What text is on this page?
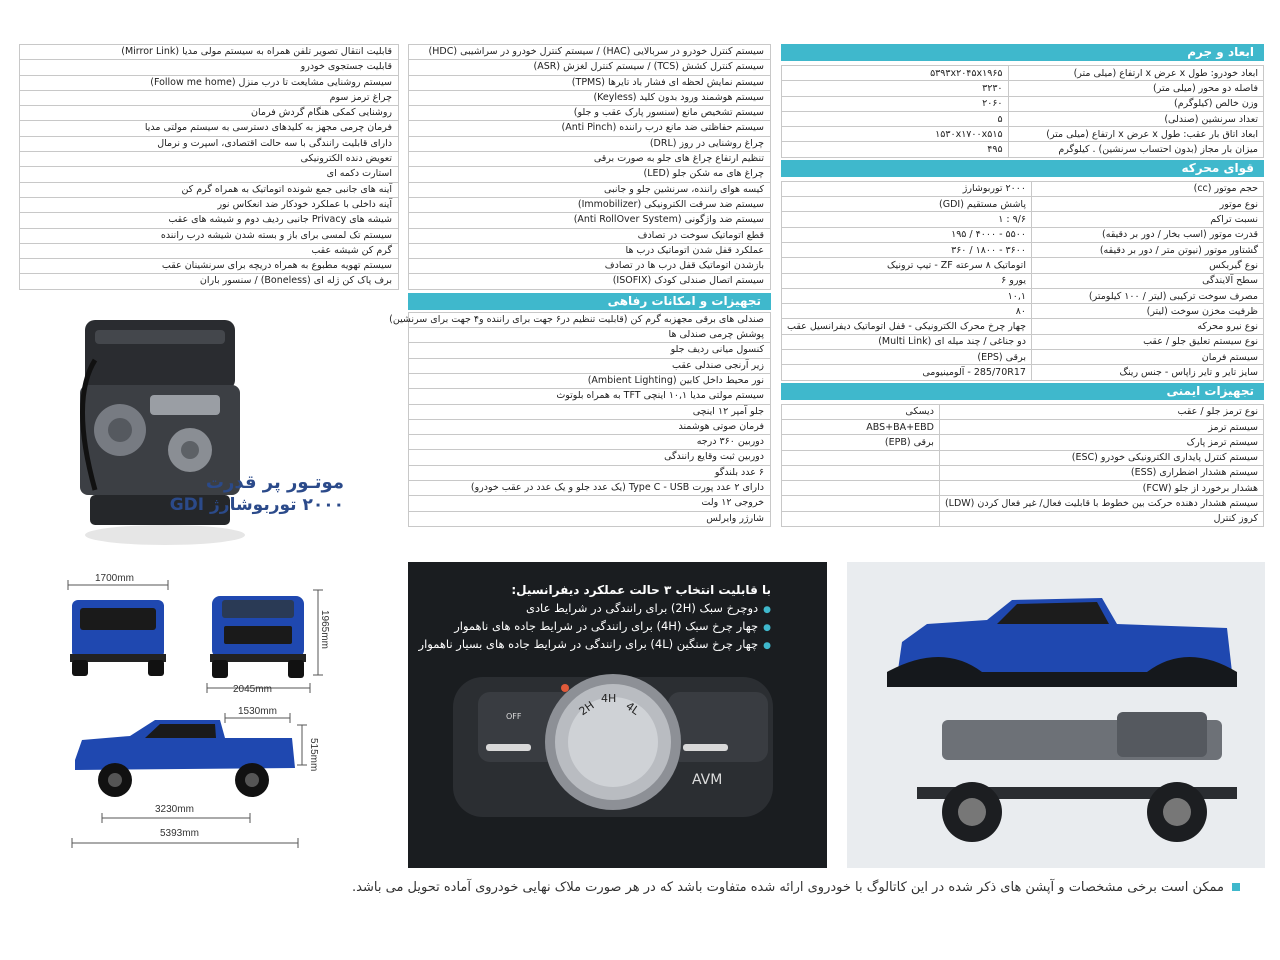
ابعاد و جرم
ابعاد خودرو: طول x عرض x ارتفاع (میلی متر)	۵۳۹۳x۲۰۴۵x۱۹۶۵
فاصله دو محور (میلی متر)	۳۲۳۰
وزن خالص (کیلوگرم)	۲۰۶۰
تعداد سرنشین (صندلی)	۵
ابعاد اتاق بار عقب: طول x عرض x ارتفاع (میلی متر)	۱۵۳۰x۱۷۰۰x۵۱۵
میزان بار مجاز (بدون احتساب سرنشین) . کیلوگرم	۴۹۵
قوای محرکه
حجم موتور (cc)	۲۰۰۰ توربوشارژ
نوع موتور	پاشش مستقیم (GDI)
نسبت تراکم	۹/۶ : ۱
قدرت موتور (اسب بخار / دور بر دقیقه)	۵۵۰۰ - ۴۰۰۰ / ۱۹۵
گشتاور موتور (نیوتن متر / دور بر دقیقه)	۳۶۰۰ - ۱۸۰۰ / ۳۶۰
نوع گیربکس	اتوماتیک ۸ سرعته ZF - تیپ ترونیک
سطح آلایندگی	یورو ۶
مصرف سوخت ترکیبی (لیتر / ۱۰۰ کیلومتر)	۱۰,۱
ظرفیت مخزن سوخت (لیتر)	۸۰
نوع نیرو محرکه	چهار چرخ محرک الکترونیکی - قفل اتوماتیک دیفرانسیل عقب
نوع سیستم تعلیق جلو / عقب	دو جناغی / چند میله ای (Multi Link)
سیستم فرمان	برقی (EPS)
سایز تایر و تایر زاپاس - جنس رینگ	285/70R17 - آلومینیومی
تجهیزات ایمنی
نوع ترمز جلو / عقب	دیسکی
سیستم ترمز	ABS+BA+EBD
سیستم ترمز پارک	برقی (EPB)
سیستم کنترل پایداری الکترونیکی خودرو (ESC)	
سیستم هشدار اضطراری (ESS)	
هشدار برخورد از جلو (FCW)	
سیستم هشدار دهنده حرکت بین خطوط با قابلیت فعال/ غیر فعال کردن (LDW)	
کروز کنترل	
سیستم کنترل خودرو در سربالایی (HAC) / سیستم کنترل خودرو در سراشیبی (HDC)
سیستم کنترل کشش (TCS) / سیستم کنترل لغزش (ASR)
سیستم نمایش لحظه ای فشار باد تایرها (TPMS)
سیستم هوشمند ورود بدون کلید (Keyless)
سیستم تشخیص مانع (سنسور پارک عقب و جلو)
سیستم حفاظتی ضد مانع درب راننده (Anti Pinch)
چراغ روشنایی در روز (DRL)
تنظیم ارتفاع چراغ های جلو به صورت برقی
چراغ های مه شکن جلو (LED)
کیسه هوای راننده، سرنشین جلو و جانبی
سیستم ضد سرقت الکترونیکی (Immobilizer)
سیستم ضد واژگونی (Anti RollOver System)
قطع اتوماتیک سوخت در تصادف
عملکرد قفل شدن اتوماتیک درب ها
بازشدن اتوماتیک قفل درب ها در تصادف
سیستم اتصال صندلی کودک (ISOFIX)
تجهیزات و امکانات رفاهی
صندلی های برقی مجهزبه گرم کن (قابلیت تنظیم در۶ جهت برای راننده و۴ جهت برای سرنشین)
پوشش چرمی صندلی ها
کنسول میانی ردیف جلو
زیر آرنجی صندلی عقب
نور محیط داخل کابین (Ambient Lighting)
سیستم مولتی مدیا ۱۰,۱ اینچی TFT به همراه بلوتوث
جلو آمپر ۱۲ اینچی
فرمان صوتی هوشمند
دوربین ۳۶۰ درجه
دوربین ثبت وقایع رانندگی
۶ عدد بلندگو
دارای ۲ عدد پورت Type C - USB (یک عدد جلو و یک عدد در عقب خودرو)
خروجی ۱۲ ولت
شارژر وایرلس
قابلیت انتقال تصویر تلفن همراه به سیستم مولی مدیا (Mirror Link)
قابلیت جستجوی خودرو
سیستم روشنایی مشایعت تا درب منزل (Follow me home)
چراغ ترمز سوم
روشنایی کمکی هنگام گردش فرمان
فرمان چرمی مجهز به کلیدهای دسترسی به سیستم مولتی مدیا
دارای قابلیت رانندگی با سه حالت اقتصادی، اسپرت و نرمال
تعویض دنده الکترونیکی
استارت دکمه ای
آینه های جانبی جمع شونده اتوماتیک به همراه گرم کن
آینه داخلی با عملکرد خودکار ضد انعکاس نور
شیشه های Privacy جانبی ردیف دوم و شیشه های عقب
سیستم تک لمسی برای باز و بسته شدن شیشه درب راننده
گرم کن شیشه عقب
سیستم تهویه مطبوع به همراه دریچه برای سرنشینان عقب
برف پاک کن ژله ای (Boneless) / سنسور باران
موتـور پر قدرت
۲۰۰۰ توربوشارژ GDI
1700mm
2045mm
1965mm
1530mm
515mm
3230mm
5393mm
با قابلیت انتخاب ۳ حالت عملکرد دیفرانسیل:
● دوچرخ سبک (2H) برای رانندگی در شرایط عادی
● چهار چرخ سبک (4H) برای رانندگی در شرایط جاده های ناهموار
● چهار چرخ سنگین (4L) برای رانندگی در شرایط جاده های بسیار ناهموار
2H
4H
4L
OFF
AVM
ممکن است برخی مشخصات و آپشن های ذکر شده در این کاتالوگ با خودروی ارائه شده متفاوت باشد که در هر صورت ملاک نهایی خودروی آماده تحویل می باشد.
